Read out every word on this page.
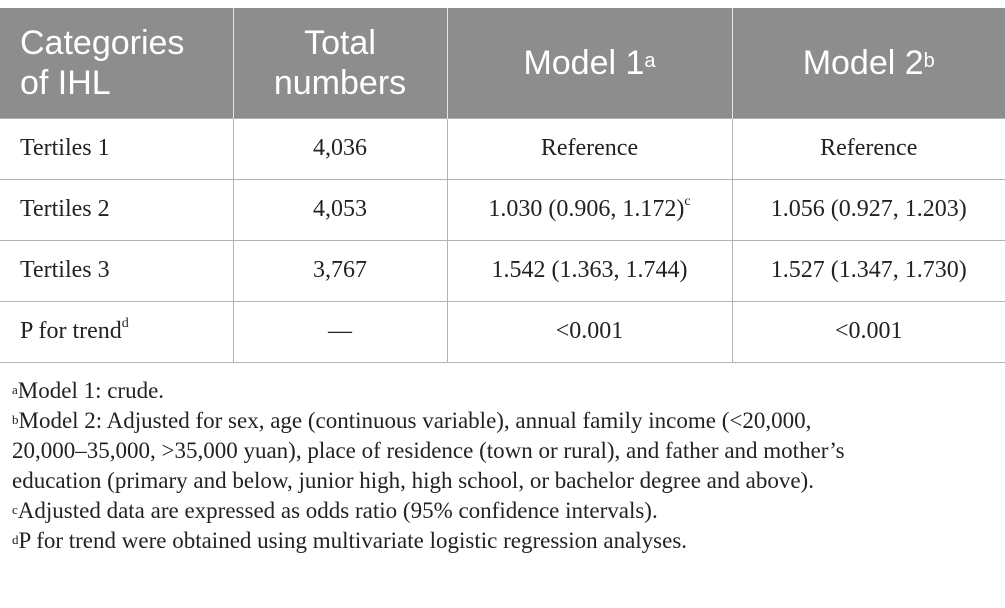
Categories of IHL	Total numbers	Model 1$^a$	Model 2$^b$
Tertiles 1	4,036	Reference	Reference
Tertiles 2	4,053	1.030 (0.906, 1.172)$^c$	1.056 (0.927, 1.203)
Tertiles 3	3,767	1.542 (1.363, 1.744)	1.527 (1.347, 1.730)
P for trend$^d$	—	<0.001	<0.001

$^a$Model 1: crude.

$^b$Model 2: Adjusted for sex, age (continuous variable), annual family income (<20,000,
20,000–35,000, >35,000 yuan), place of residence (town or rural), and father and mother’s
education (primary and below, junior high, high school, or bachelor degree and above).

$^c$Adjusted data are expressed as odds ratio (95% confidence intervals).

$^d$P for trend were obtained using multivariate logistic regression analyses.
